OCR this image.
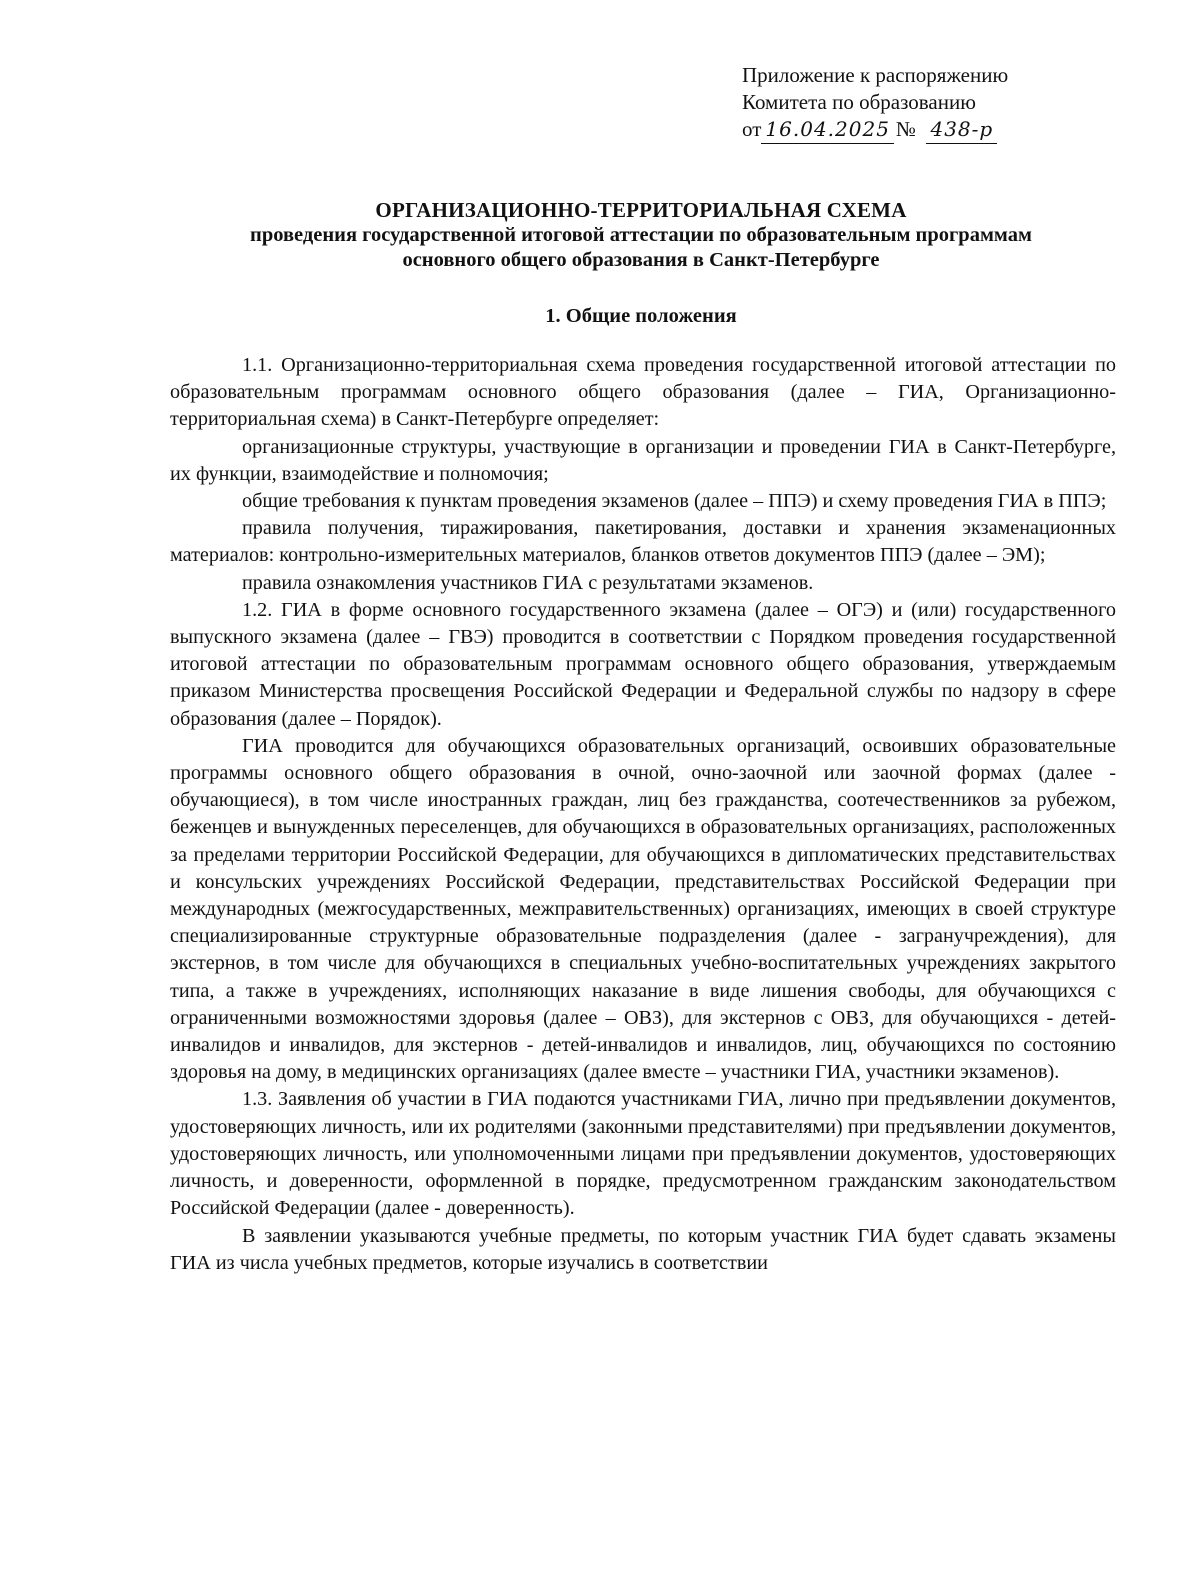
Приложение к распоряжению
Комитета по образованию
от 16.04.2025 № 438-р
ОРГАНИЗАЦИОННО-ТЕРРИТОРИАЛЬНАЯ СХЕМА
проведения государственной итоговой аттестации по образовательным программам
основного общего образования в Санкт-Петербурге
1. Общие положения

1.1. Организационно-территориальная схема проведения государственной итоговой аттестации по образовательным программам основного общего образования (далее – ГИА, Организационно-территориальная схема) в Санкт-Петербурге определяет:

организационные структуры, участвующие в организации и проведении ГИА в Санкт-Петербурге, их функции, взаимодействие и полномочия;

общие требования к пунктам проведения экзаменов (далее – ППЭ) и схему проведения ГИА в ППЭ;

правила получения, тиражирования, пакетирования, доставки и хранения экзаменационных материалов: контрольно-измерительных материалов, бланков ответов документов ППЭ (далее – ЭМ);

правила ознакомления участников ГИА с результатами экзаменов.

1.2. ГИА в форме основного государственного экзамена (далее – ОГЭ) и (или) государственного выпускного экзамена (далее – ГВЭ) проводится в соответствии с Порядком проведения государственной итоговой аттестации по образовательным программам основного общего образования, утверждаемым приказом Министерства просвещения Российской Федерации и Федеральной службы по надзору в сфере образования (далее – Порядок).

ГИА проводится для обучающихся образовательных организаций, освоивших образовательные программы основного общего образования в очной, очно-заочной или заочной формах (далее - обучающиеся), в том числе иностранных граждан, лиц без гражданства, соотечественников за рубежом, беженцев и вынужденных переселенцев, для обучающихся в образовательных организациях, расположенных за пределами территории Российской Федерации, для обучающихся в дипломатических представительствах и консульских учреждениях Российской Федерации, представительствах Российской Федерации при международных (межгосударственных, межправительственных) организациях, имеющих в своей структуре специализированные структурные образовательные подразделения (далее - загранучреждения), для экстернов, в том числе для обучающихся в специальных учебно-воспитательных учреждениях закрытого типа, а также в учреждениях, исполняющих наказание в виде лишения свободы, для обучающихся с ограниченными возможностями здоровья (далее – ОВЗ), для экстернов с ОВЗ, для обучающихся - детей-инвалидов и инвалидов, для экстернов - детей-инвалидов и инвалидов, лиц, обучающихся по состоянию здоровья на дому, в медицинских организациях (далее вместе – участники ГИА, участники экзаменов).

1.3. Заявления об участии в ГИА подаются участниками ГИА, лично при предъявлении документов, удостоверяющих личность, или их родителями (законными представителями) при предъявлении документов, удостоверяющих личность, или уполномоченными лицами при предъявлении документов, удостоверяющих личность, и доверенности, оформленной в порядке, предусмотренном гражданским законодательством Российской Федерации (далее - доверенность).

В заявлении указываются учебные предметы, по которым участник ГИА будет сдавать экзамены ГИА из числа учебных предметов, которые изучались в соответствии
